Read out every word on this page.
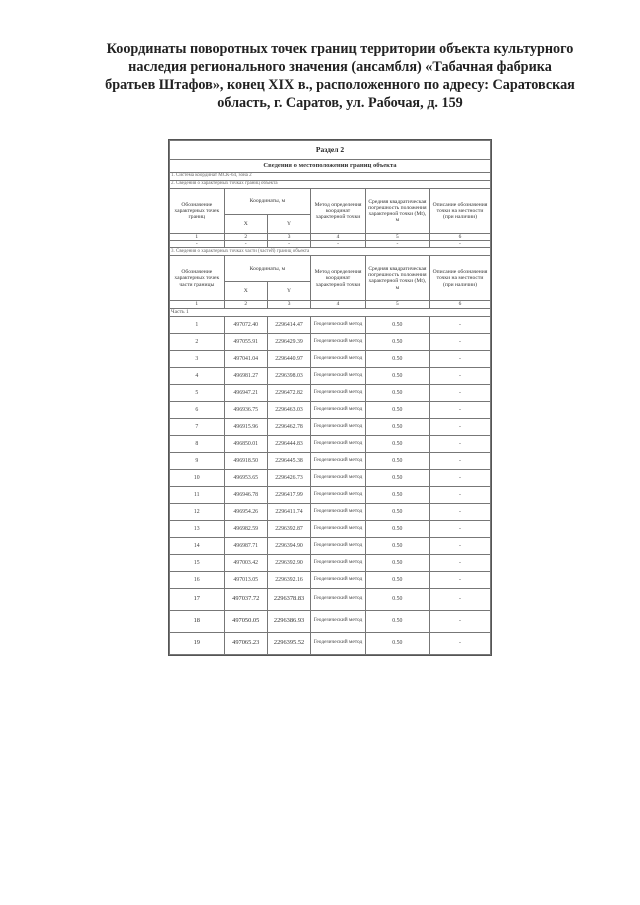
Координаты поворотных точек границ территории объекта культурного
наследия регионального значения (ансамбля) «Табачная фабрика
братьев Штафов», конец XIX в., расположенного по адресу: Саратовская
область, г. Саратов, ул. Рабочая, д. 159
Раздел 2					
Сведения о местоположении границ объекта					
1. Система координат МСК-64, зона 2					
2. Сведения о характерных точках границ объекта					
Обозначение характерных точек границ	Координаты, м		Метод определения координат характерной точки	Средняя квадратическая погрешность положения характерной точки (Mt), м	Описание обозначения точки на местности (при наличии)
	X	Y			
1	2	3	4	5	6
-	-	-	-	-	-
3. Сведения о характерных точках части (частей) границ объекта					
Обозначение характерных точек части границы	Координаты, м		Метод определения координат характерной точки	Средняя квадратическая погрешность положения характерной точки (Mt), м	Описание обозначения точки на местности (при наличии)
	X	Y			
1	2	3	4	5	6
Часть 1					
1	497072.40	2296414.47	Геодезический метод	0.50	-
2	497055.91	2296429.39	Геодезический метод	0.50	-
3	497041.04	2296440.97	Геодезический метод	0.50	-
4	496981.27	2296398.03	Геодезический метод	0.50	-
5	496947.21	2296472.82	Геодезический метод	0.50	-
6	496936.75	2296463.03	Геодезический метод	0.50	-
7	496915.96	2296462.78	Геодезический метод	0.50	-
8	496850.01	2296444.83	Геодезический метод	0.50	-
9	496918.50	2296445.38	Геодезический метод	0.50	-
10	496953.65	2296426.73	Геодезический метод	0.50	-
11	496946.78	2296417.99	Геодезический метод	0.50	-
12	496954.26	2296411.74	Геодезический метод	0.50	-
13	496982.59	2296392.87	Геодезический метод	0.50	-
14	496987.71	2296394.90	Геодезический метод	0.50	-
15	497003.42	2296392.90	Геодезический метод	0.50	-
16	497013.05	2296392.16	Геодезический метод	0.50	-
17	497037.72	2296378.83	Геодезический метод	0.50	-
18	497050.05	2296386.93	Геодезический метод	0.50	-
19	497065.23	2296395.52	Геодезический метод	0.50	-
